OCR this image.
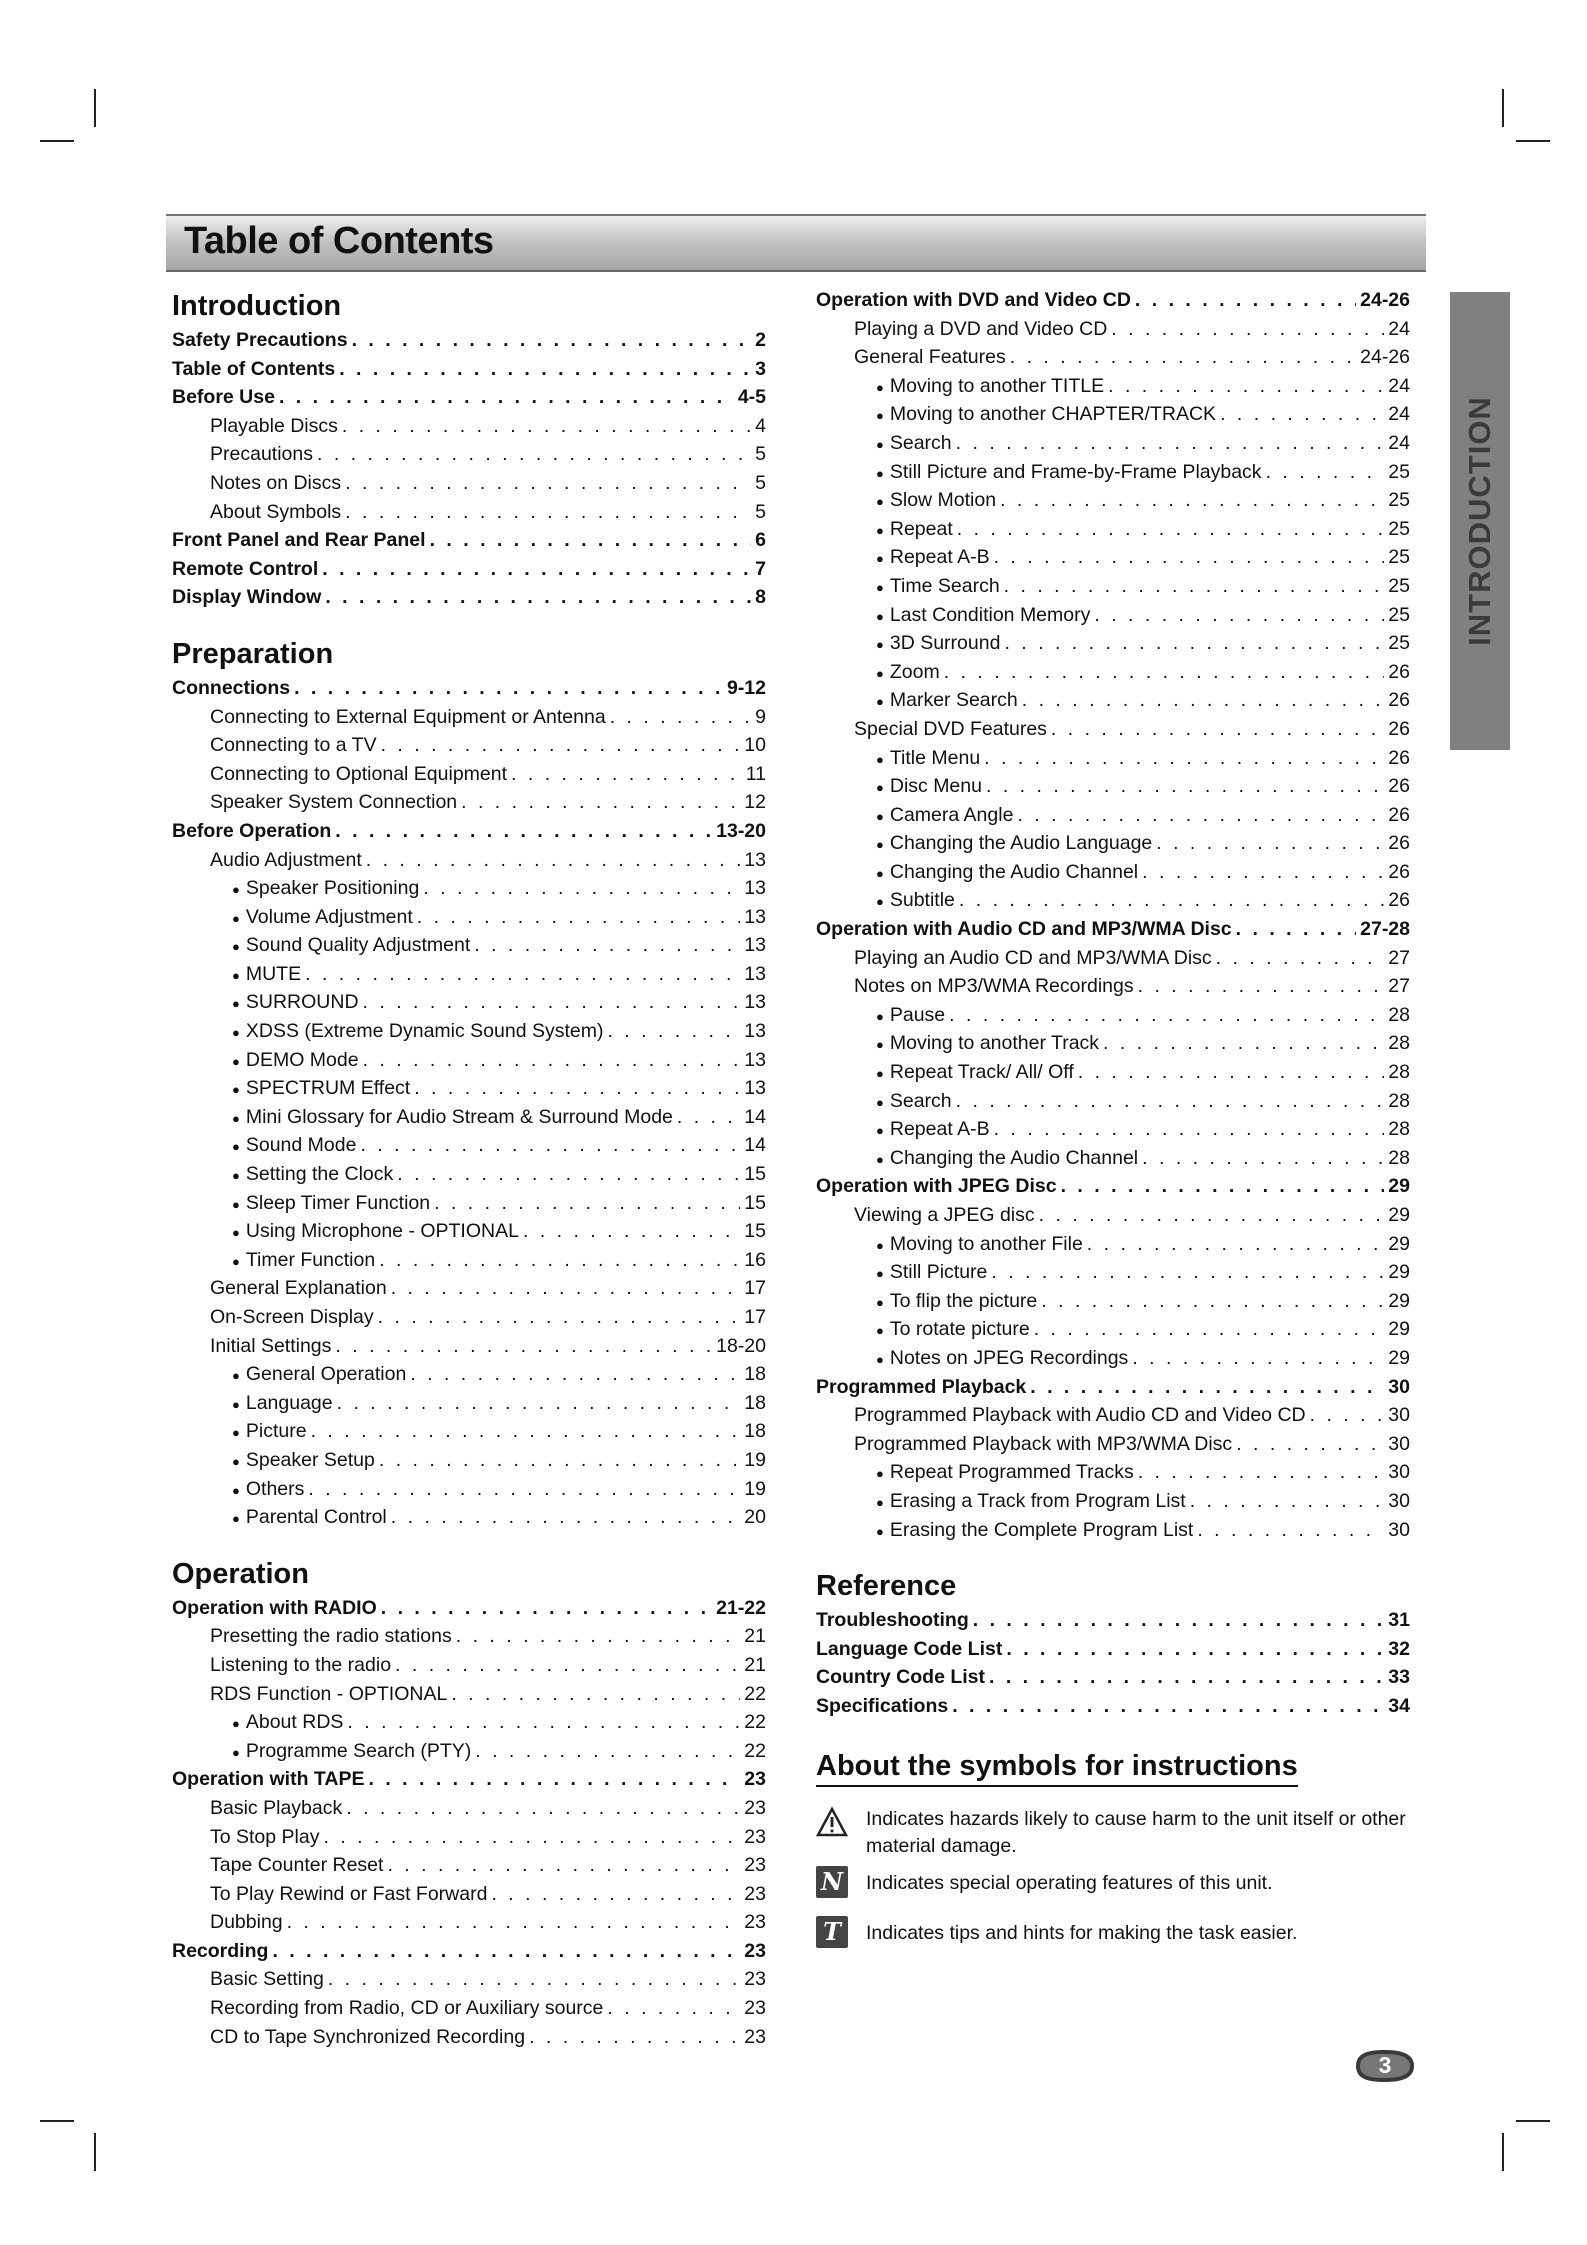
Table of Contents
INTRODUCTION
Introduction
Safety Precautions . . .	2
Table of Contents . . .	3
Before Use . . .	4-5
Playable Discs . . .	4
Precautions . . .	5
Notes on Discs . . .	5
About Symbols . . .	5
Front Panel and Rear Panel . . .	6
Remote Control . . .	7
Display Window . . .	8
Preparation
Connections . . .	9-12
Connecting to External Equipment or Antenna . . .	9
Connecting to a TV . . .	10
Connecting to Optional Equipment . . .	11
Speaker System Connection . . .	12
Before Operation . . .	13-20
Audio Adjustment . . .	13
● Speaker Positioning . . .	13
● Volume Adjustment . . .	13
● Sound Quality Adjustment . . .	13
● MUTE . . .	13
● SURROUND . . .	13
● XDSS (Extreme Dynamic Sound System) . . .	13
● DEMO Mode . . .	13
● SPECTRUM Effect . . .	13
● Mini Glossary for Audio Stream & Surround Mode . . .	14
● Sound Mode . . .	14
● Setting the Clock . . .	15
● Sleep Timer Function . . .	15
● Using Microphone - OPTIONAL . . .	15
● Timer Function . . .	16
General Explanation . . .	17
On-Screen Display . . .	17
Initial Settings . . .	18-20
● General Operation . . .	18
● Language . . .	18
● Picture . . .	18
● Speaker Setup . . .	19
● Others . . .	19
● Parental Control . . .	20
Operation
Operation with RADIO . . .	21-22
Presetting the radio stations . . .	21
Listening to the radio . . .	21
RDS Function - OPTIONAL . . .	22
● About RDS . . .	22
● Programme Search (PTY) . . .	22
Operation with TAPE . . .	23
Basic Playback . . .	23
To Stop Play . . .	23
Tape Counter Reset . . .	23
To Play Rewind or Fast Forward . . .	23
Dubbing . . .	23
Recording . . .	23
Basic Setting . . .	23
Recording from Radio, CD or Auxiliary source . . .	23
CD to Tape Synchronized Recording . . .	23
Operation with DVD and Video CD . . .	24-26
Playing a DVD and Video CD . . .	24
General Features . . .	24-26
● Moving to another TITLE . . .	24
● Moving to another CHAPTER/TRACK . . .	24
● Search . . .	24
● Still Picture and Frame-by-Frame Playback . . .	25
● Slow Motion . . .	25
● Repeat . . .	25
● Repeat A-B . . .	25
● Time Search . . .	25
● Last Condition Memory . . .	25
● 3D Surround . . .	25
● Zoom . . .	26
● Marker Search . . .	26
Special DVD Features . . .	26
● Title Menu . . .	26
● Disc Menu . . .	26
● Camera Angle . . .	26
● Changing the Audio Language . . .	26
● Changing the Audio Channel . . .	26
● Subtitle . . .	26
Operation with Audio CD and MP3/WMA Disc . . .	27-28
Playing an Audio CD and MP3/WMA Disc . . .	27
Notes on MP3/WMA Recordings . . .	27
● Pause . . .	28
● Moving to another Track . . .	28
● Repeat Track/ All/ Off . . .	28
● Search . . .	28
● Repeat A-B . . .	28
● Changing the Audio Channel . . .	28
Operation with JPEG Disc . . .	29
Viewing a JPEG disc . . .	29
● Moving to another File . . .	29
● Still Picture . . .	29
● To flip the picture . . .	29
● To rotate picture . . .	29
● Notes on JPEG Recordings . . .	29
Programmed Playback . . .	30
Programmed Playback with Audio CD and Video CD . . .	30
Programmed Playback with MP3/WMA Disc . . .	30
● Repeat Programmed Tracks . . .	30
● Erasing a Track from Program List . . .	30
● Erasing the Complete Program List . . .	30
Reference
Troubleshooting . . .	31
Language Code List . . .	32
Country Code List . . .	33
Specifications . . .	34
About the symbols for instructions
Indicates hazards likely to cause harm to the unit itself or other material damage.
N Indicates special operating features of this unit.
T	Indicates tips and hints for making the task easier.
3
